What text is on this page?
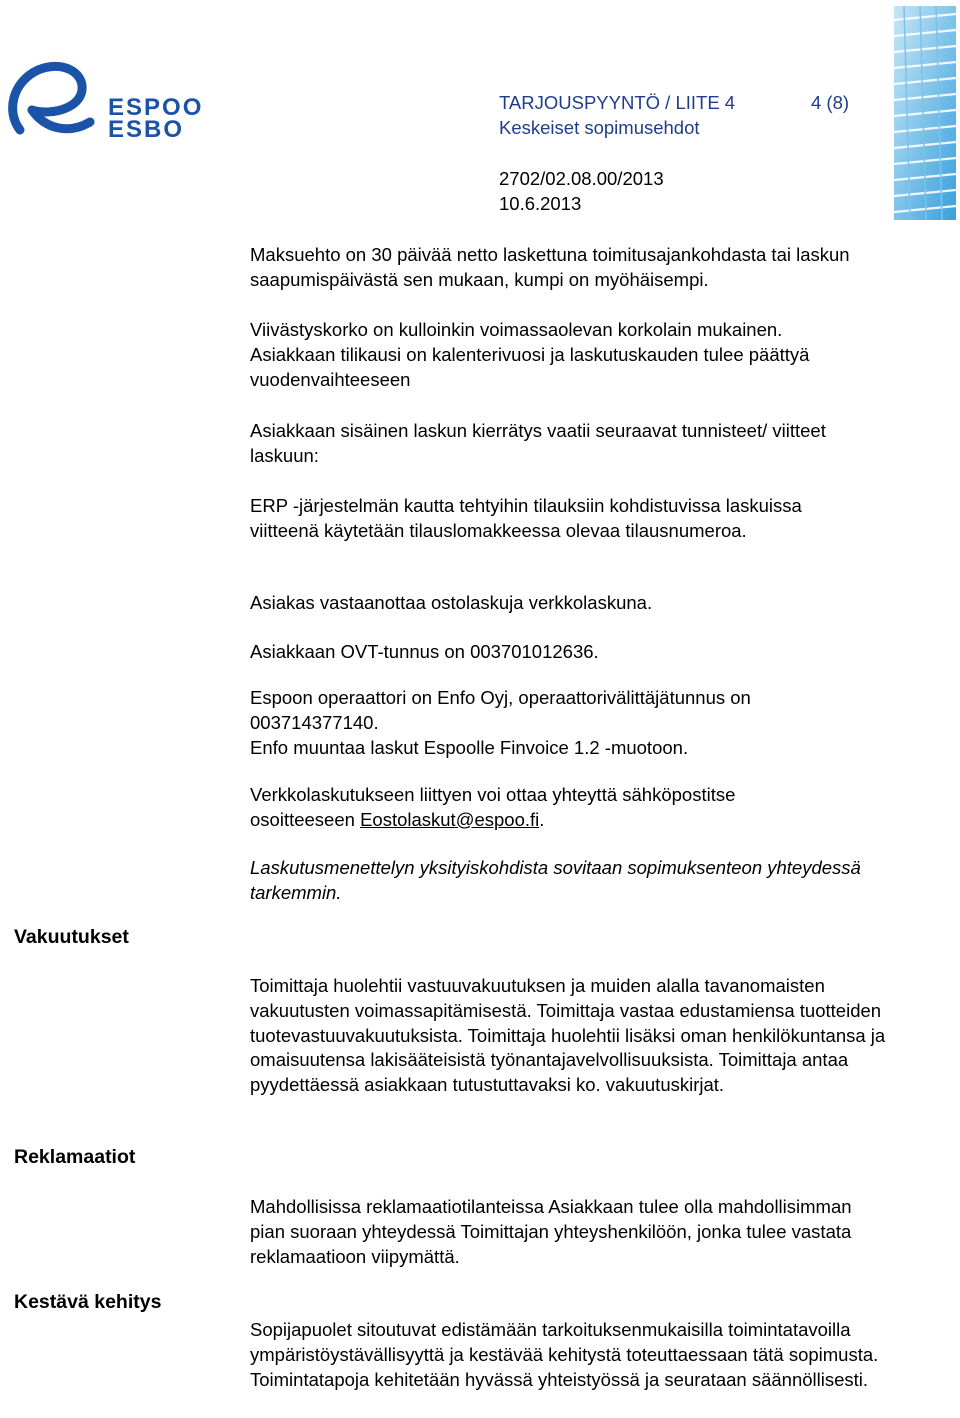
ESPOO
ESBO
TARJOUSPYYNTÖ / LIITE 4	4 (8)
Keskeiset sopimusehdot
2702/02.08.00/2013
10.6.2013

Maksuehto on 30 päivää netto laskettuna toimitusajankohdasta tai laskun saapumispäivästä sen mukaan, kumpi on myöhäisempi.

Viivästyskorko on kulloinkin voimassaolevan korkolain mukainen.

Asiakkaan tilikausi on kalenterivuosi ja laskutuskauden tulee päättyä vuodenvaihteeseen

Asiakkaan sisäinen laskun kierrätys vaatii seuraavat tunnisteet/ viitteet laskuun:

ERP -järjestelmän kautta tehtyihin tilauksiin kohdistuvissa laskuissa viitteenä käytetään tilauslomakkeessa olevaa tilausnumeroa.

Asiakas vastaanottaa ostolaskuja verkkolaskuna.

Asiakkaan OVT-tunnus on 003701012636.

Espoon operaattori on Enfo Oyj, operaattorivälittäjätunnus on 003714377140.

Enfo muuntaa laskut Espoolle Finvoice 1.2 -muotoon.

Verkkolaskutukseen liittyen voi ottaa yhteyttä sähköpostitse osoitteeseen Eostolaskut@espoo.fi.

Laskutusmenettelyn yksityiskohdista sovitaan sopimuksenteon yhteydessä tarkemmin.

Vakuutukset

Toimittaja huolehtii vastuuvakuutuksen ja muiden alalla tavanomaisten vakuutusten voimassapitämisestä. Toimittaja vastaa edustamiensa tuotteiden tuotevastuuvakuutuksista. Toimittaja huolehtii lisäksi oman henkilökuntansa ja omaisuutensa lakisääteisistä työnantajavelvollisuuksista. Toimittaja antaa pyydettäessä asiakkaan tutustuttavaksi ko. vakuutuskirjat.

Reklamaatiot

Mahdollisissa reklamaatiotilanteissa Asiakkaan tulee olla mahdollisimman pian suoraan yhteydessä Toimittajan yhteyshenkilöön, jonka tulee vastata reklamaatioon viipymättä.

Kestävä kehitys

Sopijapuolet sitoutuvat edistämään tarkoituksenmukaisilla toimintatavoilla ympäristöystävällisyyttä ja kestävää kehitystä toteuttaessaan tätä sopimusta. Toimintatapoja kehitetään hyvässä yhteistyössä ja seurataan säännöllisesti.
